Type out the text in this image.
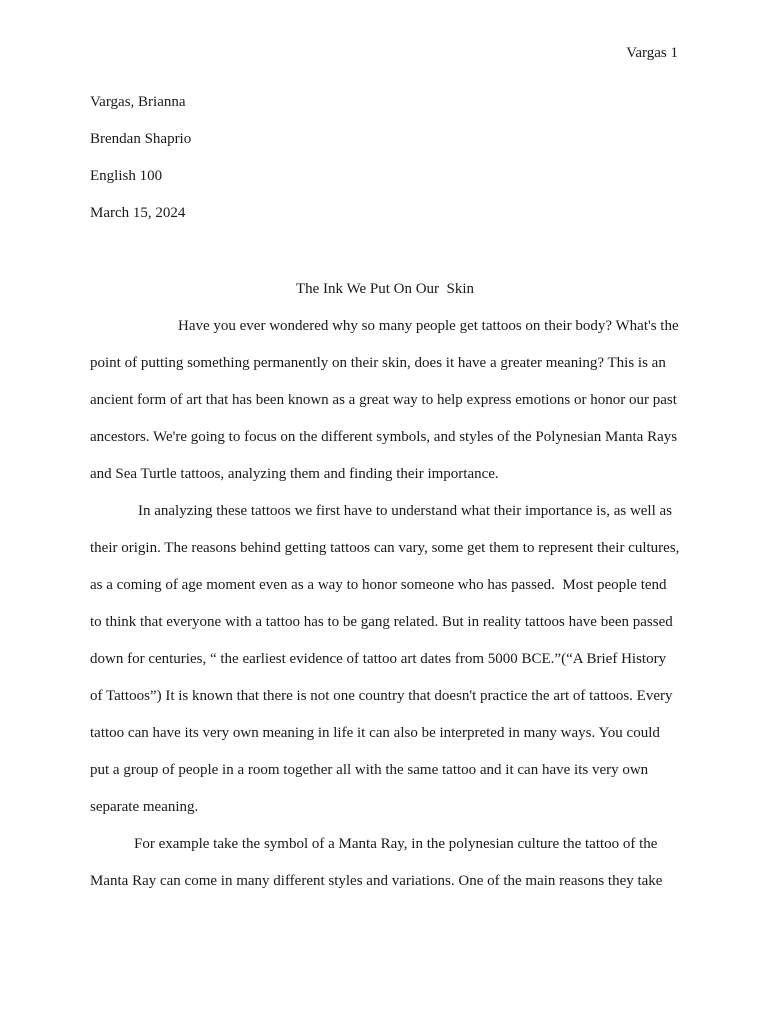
Vargas 1
Vargas, Brianna
Brendan Shaprio
English 100
March 15, 2024
The Ink We Put On Our  Skin

Have you ever wondered why so many people get tattoos on their body? What's the point of putting something permanently on their skin, does it have a greater meaning? This is an ancient form of art that has been known as a great way to help express emotions or honor our past ancestors. We're going to focus on the different symbols, and styles of the Polynesian Manta Rays and Sea Turtle tattoos, analyzing them and finding their importance.

In analyzing these tattoos we first have to understand what their importance is, as well as their origin. The reasons behind getting tattoos can vary, some get them to represent their cultures, as a coming of age moment even as a way to honor someone who has passed.  Most people tend to think that everyone with a tattoo has to be gang related. But in reality tattoos have been passed down for centuries, “ the earliest evidence of tattoo art dates from 5000 BCE.”(“A Brief History of Tattoos”) It is known that there is not one country that doesn't practice the art of tattoos. Every tattoo can have its very own meaning in life it can also be interpreted in many ways. You could put a group of people in a room together all with the same tattoo and it can have its very own separate meaning.

For example take the symbol of a Manta Ray, in the polynesian culture the tattoo of the Manta Ray can come in many different styles and variations. One of the main reasons they take
